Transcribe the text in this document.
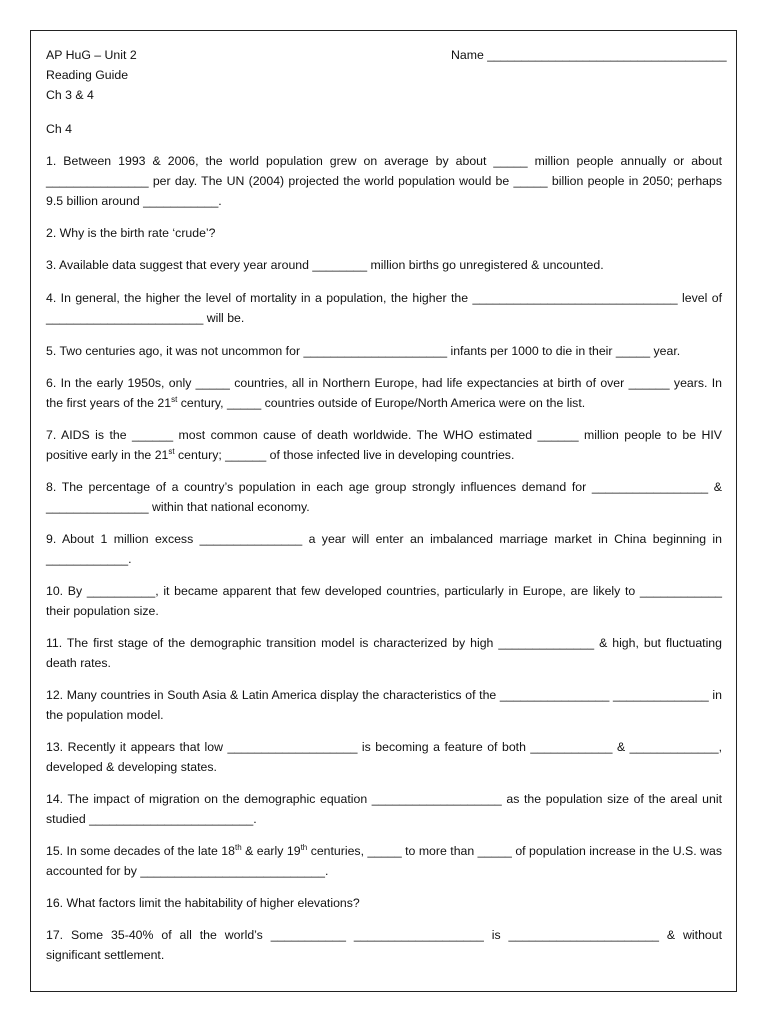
AP HuG – Unit 2
Reading Guide
Ch 3 & 4
Name ___________________________________
Ch 4
1. Between 1993 & 2006, the world population grew on average by about _____ million people annually or about _______________ per day. The UN (2004) projected the world population would be _____ billion people in 2050; perhaps 9.5 billion around ___________.
2. Why is the birth rate ‘crude’?
3. Available data suggest that every year around ________ million births go unregistered & uncounted.
4. In general, the higher the level of mortality in a population, the higher the ______________________________ level of _______________________ will be.
5. Two centuries ago, it was not uncommon for _____________________ infants per 1000 to die in their _____ year.
6. In the early 1950s, only _____ countries, all in Northern Europe, had life expectancies at birth of over ______ years. In the first years of the 21st century, _____ countries outside of Europe/North America were on the list.
7. AIDS is the ______ most common cause of death worldwide. The WHO estimated ______ million people to be HIV positive early in the 21st century; ______ of those infected live in developing countries.
8. The percentage of a country’s population in each age group strongly influences demand for _________________ & _______________ within that national economy.
9. About 1 million excess _______________ a year will enter an imbalanced marriage market in China beginning in ____________.
10. By __________, it became apparent that few developed countries, particularly in Europe, are likely to ____________ their population size.
11. The first stage of the demographic transition model is characterized by high ______________ & high, but fluctuating death rates.
12. Many countries in South Asia & Latin America display the characteristics of the ________________ ______________ in the population model.
13. Recently it appears that low ___________________ is becoming a feature of both ____________ & _____________, developed & developing states.
14. The impact of migration on the demographic equation ___________________ as the population size of the areal unit studied ________________________.
15. In some decades of the late 18th & early 19th centuries, _____ to more than _____ of population increase in the U.S. was accounted for by ___________________________.
16. What factors limit the habitability of higher elevations?
17. Some 35-40% of all the world’s ___________ ___________________ is ______________________ & without significant settlement.
